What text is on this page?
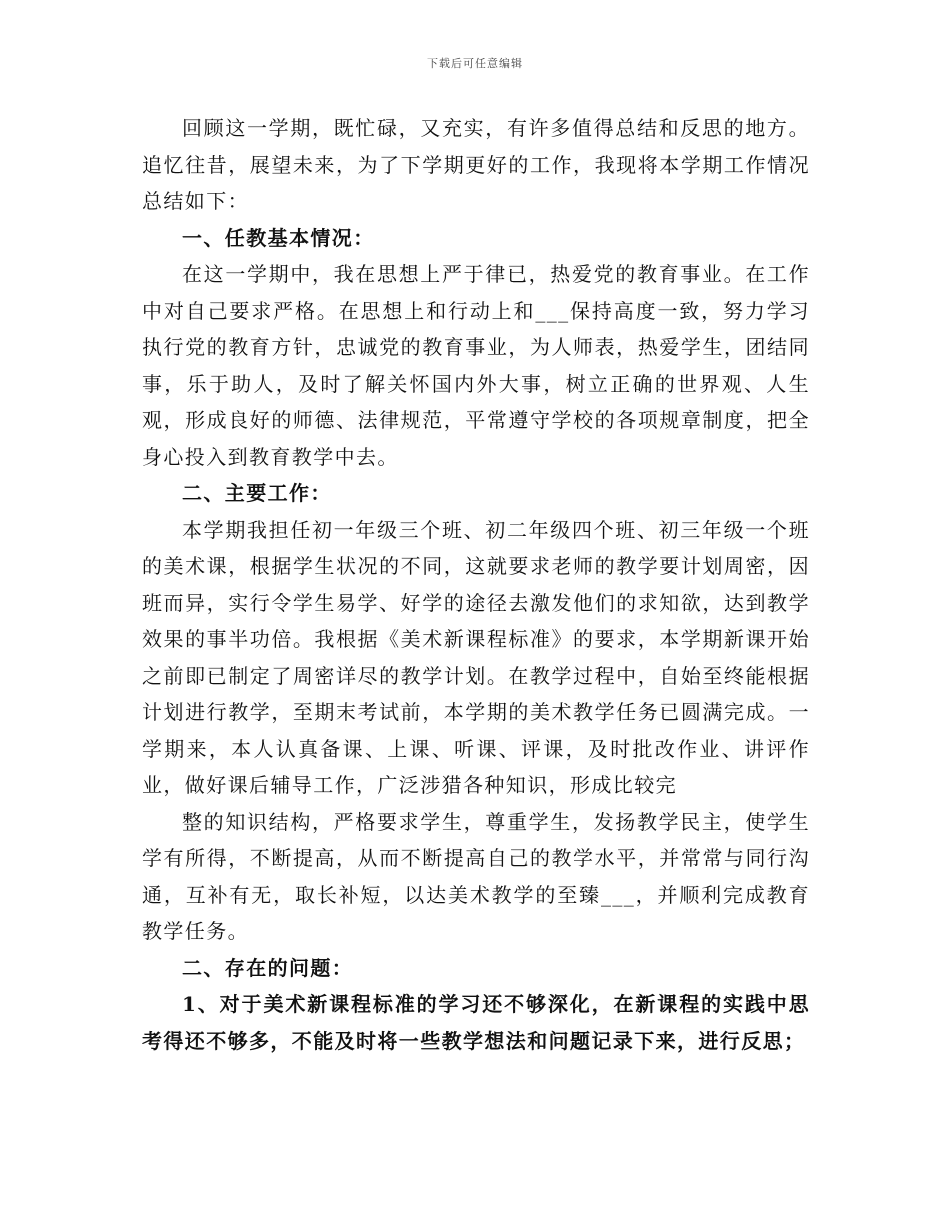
下载后可任意编辑

回顾这一学期，既忙碌，又充实，有许多值得总结和反思的地方。追忆往昔，展望未来，为了下学期更好的工作，我现将本学期工作情况总结如下：

一、任教基本情况：

在这一学期中，我在思想上严于律已，热爱党的教育事业。在工作中对自己要求严格。在思想上和行动上和___保持高度一致，努力学习执行党的教育方针，忠诚党的教育事业，为人师表，热爱学生，团结同事，乐于助人，及时了解关怀国内外大事，树立正确的世界观、人生观，形成良好的师德、法律规范，平常遵守学校的各项规章制度，把全身心投入到教育教学中去。

二、主要工作：

本学期我担任初一年级三个班、初二年级四个班、初三年级一个班的美术课，根据学生状况的不同，这就要求老师的教学要计划周密，因班而异，实行令学生易学、好学的途径去激发他们的求知欲，达到教学效果的事半功倍。我根据《美术新课程标准》的要求，本学期新课开始之前即已制定了周密详尽的教学计划。在教学过程中，自始至终能根据计划进行教学，至期末考试前，本学期的美术教学任务已圆满完成。一学期来，本人认真备课、上课、听课、评课，及时批改作业、讲评作业，做好课后辅导工作，广泛涉猎各种知识，形成比较完

整的知识结构，严格要求学生，尊重学生，发扬教学民主，使学生学有所得，不断提高，从而不断提高自己的教学水平，并常常与同行沟通，互补有无，取长补短，以达美术教学的至臻___，并顺利完成教育教学任务。

二、存在的问题：

1、对于美术新课程标准的学习还不够深化，在新课程的实践中思考得还不够多，不能及时将一些教学想法和问题记录下来，进行反思；
